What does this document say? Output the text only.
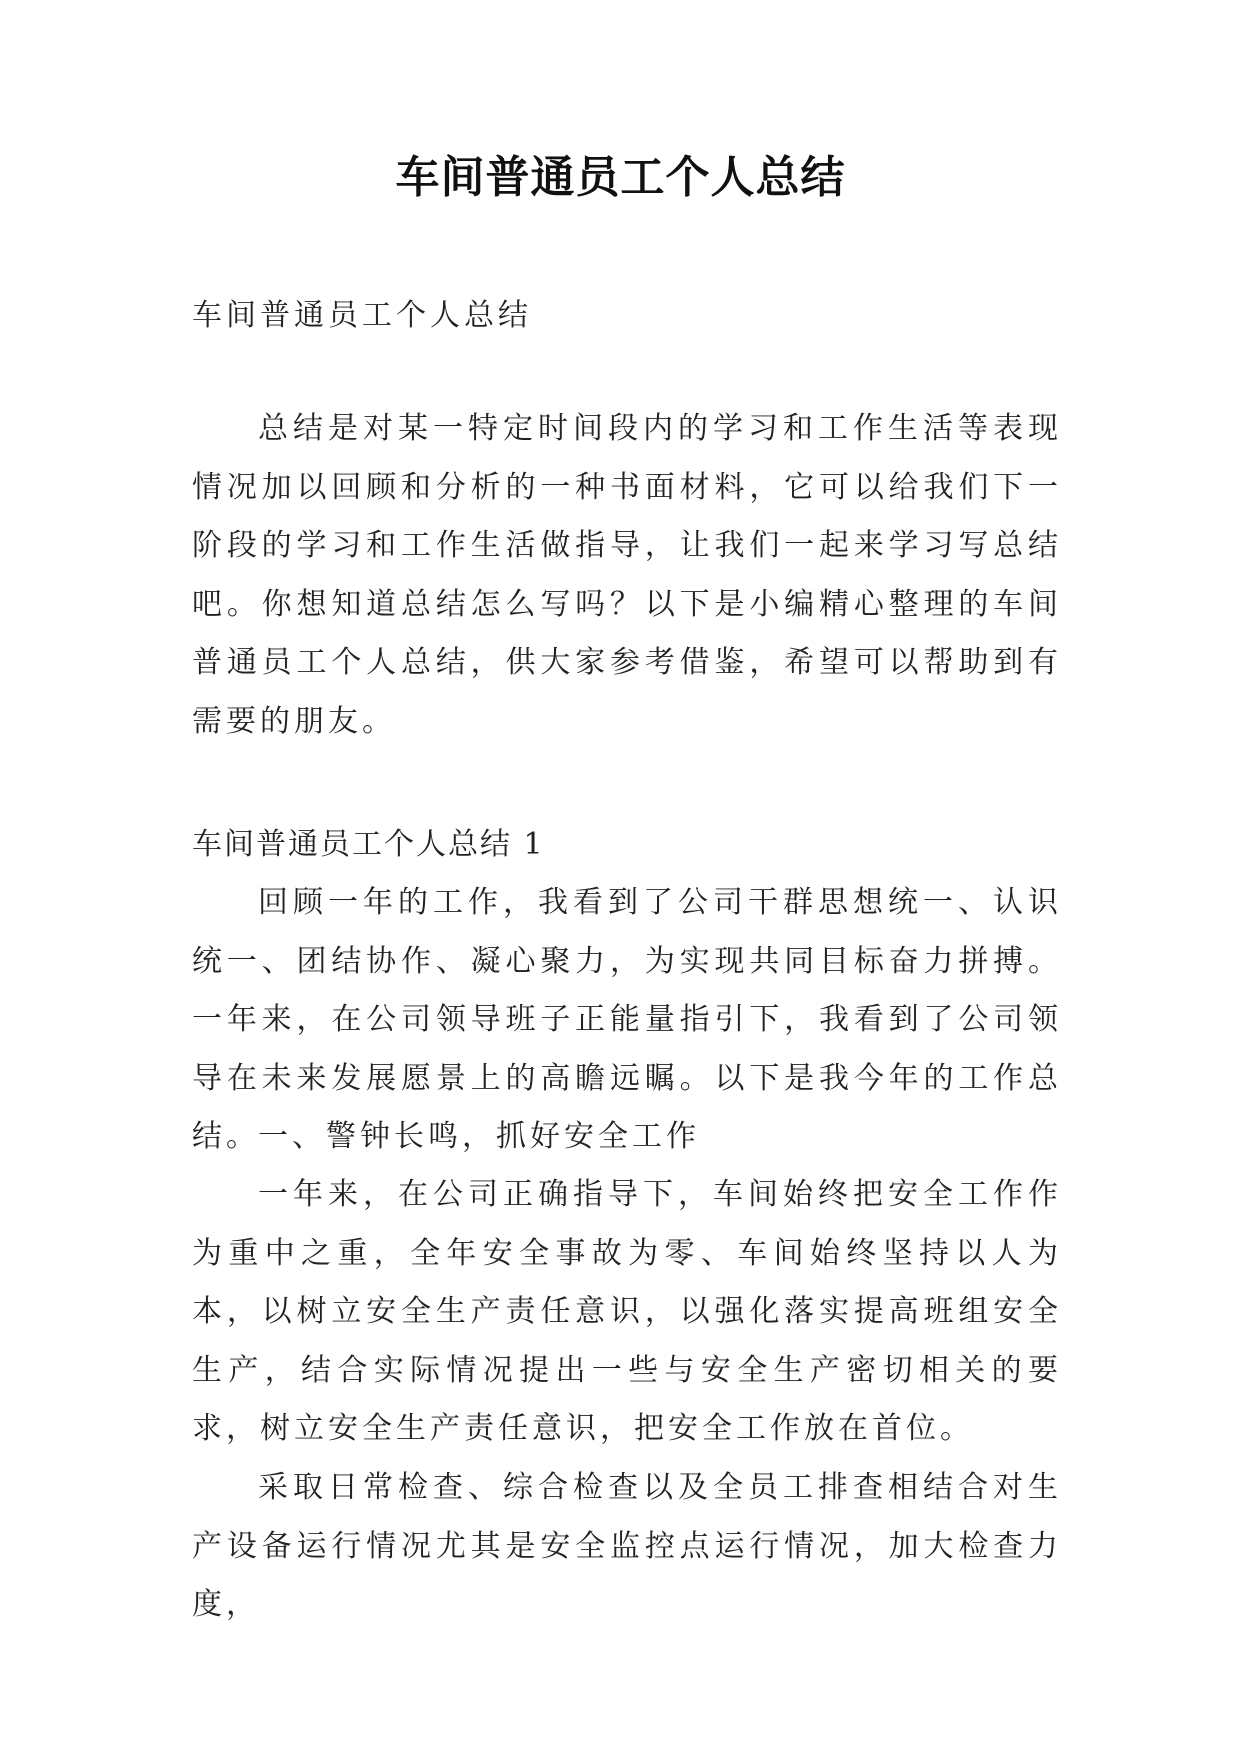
车间普通员工个人总结

车间普通员工个人总结

总结是对某一特定时间段内的学习和工作生活等表现情况加以回顾和分析的一种书面材料，它可以给我们下一阶段的学习和工作生活做指导，让我们一起来学习写总结吧。你想知道总结怎么写吗？以下是小编精心整理的车间普通员工个人总结，供大家参考借鉴，希望可以帮助到有需要的朋友。

车间普通员工个人总结 1

回顾一年的工作，我看到了公司干群思想统一、认识统一、团结协作、凝心聚力，为实现共同目标奋力拼搏。一年来，在公司领导班子正能量指引下，我看到了公司领导在未来发展愿景上的高瞻远瞩。以下是我今年的工作总结。

一、警钟长鸣，抓好安全工作

一年来，在公司正确指导下，车间始终把安全工作作为重中之重，全年安全事故为零、车间始终坚持以人为本，以树立安全生产责任意识，以强化落实提高班组安全生产，结合实际情况提出一些与安全生产密切相关的要求，树立安全生产责任意识，把安全工作放在首位。

采取日常检查、综合检查以及全员工排查相结合对生产设备运行情况尤其是安全监控点运行情况，加大检查力度，
